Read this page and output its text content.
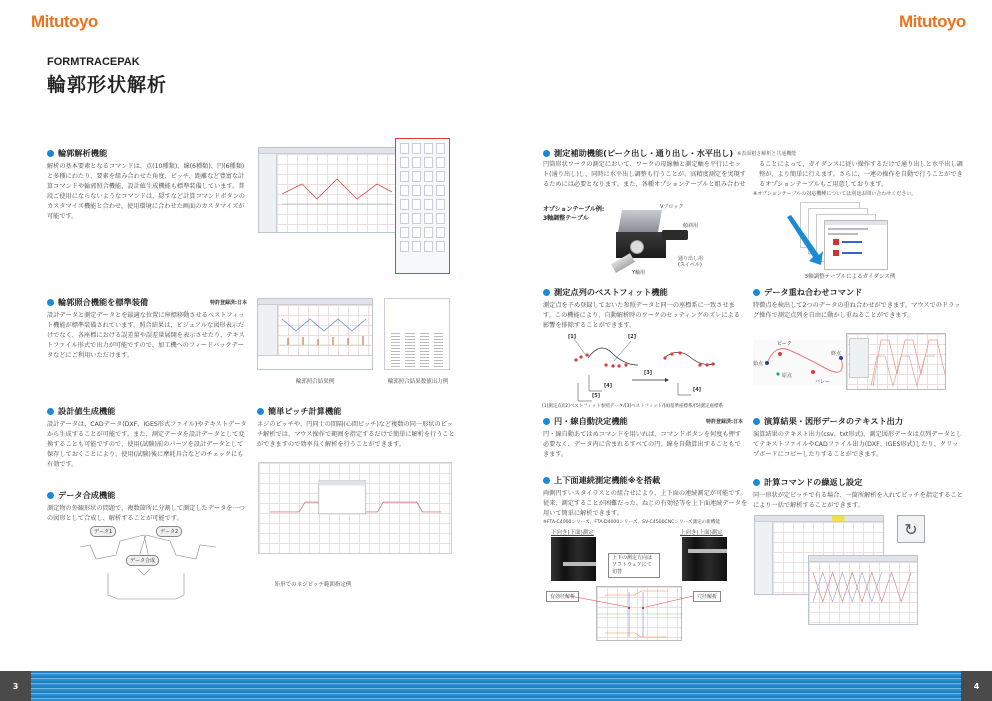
Mitutoyo	Mitutoyo
FORMTRACEPAK
輪郭形状解析
輪郭解析機能
解析の基本要素となるコマンドは、点(10種類)、線(6種類)、円(6種類)と多種にわたり、要素を組み合わせた角度、ピッチ、距離など豊富な計算コマンドや輪郭照合機能、設計値生成機能も標準装備しています。普段ご使用にならないようなコマンドは、隠すなど計算コマンドボタンのカスタマイズ機能と合わせ、使用環境に合わせた画面のカスタマイズが可能です。
輪郭照合機能を標準装備	特許登録済:日本
設計データと測定データとを最適な位置に座標移動させるベストフィット機能が標準装備されています。照合結果は、ビジュアルな図形表示だけでなく、各座標における誤差量や誤差量展開を表示させたり、テキストファイル形式で出力が可能ですので、加工機へのフィードバックデータなどにご利用いただけます。
輪郭照合結果例	輪郭照合結果数値出力例
設計値生成機能
設計データは、CADデータ(DXF、IGES形式ファイル)やテキストデータから生成することが可能です。また、測定データを設計データとして変換することも可能ですので、使用(試験)前のパーツを設計データとして保存しておくことにより、使用(試験)後に摩耗具合などのチェックにも有効です。
簡単ピッチ計算機能
ネジのピッチや、円同士の間隔(心間ピッチ)など複数の同一形状のピッチ解析では、マウス操作で範囲を指定するだけで簡単に解析を行うことができますので効率良く解析を行うことができます。
矩形でのネジピッチ範囲指定例
データ合成機能
測定物の外観形状の問題で、複数箇所に分割して測定したデータを一つの図形として合成し、解析することが可能です。
データ1	データ2
データ合成
測定補助機能(ピーク出し・通り出し・水平出し) ※表面粗さ解析と共通機能
円筒形状ワークの測定において、ワークの母線軸と測定軸を平行にセット(通り出し)し、同時に水平出し調整も行うことが、高精度測定を実現するためには必要となります。また、各種オプションテーブルと組み合わせることによって、ガイダンスに従い操作するだけで通り出しと水平出し調整が、より簡単に行えます。さらに、一連の操作を自動で行うことができるオプションテーブルもご用意しております。
※オプションテーブルの対応機種については別途お問い合わせください。
オプションテーブル例:
3軸調整テーブル
Vブロック
傾斜用
通り出し用(スイベル)
Y軸用
3軸調整テーブルによるガイダンス例
測定点列のベストフィット機能
測定点を予め登録しておいた参照データと同一の座標系に一致させます。この機能により、自動解析時のワークのセッティングのズレによる影響を排除することができます。
[1]	[2]
[3]
[4]
[5]
[4]
[1]測定点/[2]ベストフィット参照データ/[3]ベストフィット/[4]基準座標系/[5]測定座標系
データ重ね合わせコマンド
特徴点を検出して2つのデータの重ね合わせができます。マウスでのドラッグ操作で測定点列を自由に動かし重ねることができます。
ピーク
始点
終点
原点
バレー
円・線自動決定機能	特許登録済:日本
円・線自動あてはめコマンドを用いれば、コマンドボタンを何度も押す必要なく、データ内に含まれるすべての円、線を自動算出することもできます。
演算結果・図形データのテキスト出力
演算結果のテキスト出力(csv、txt形式)、測定図形データは点列データとしてテキストファイルやCADファイル出力(DXF、IGES形式)したり、クリップボードにコピーしたりすることができます。
上下面連続測定機能※を搭載
両側円すいスタイラスとの組合せにより、上下面の連続測定が可能です。従来、測定することが困難だった、ねじの有効径等を上下面連続データを用いて簡単に解析できます。
※FTA-C4000シリーズ、FTA-D4000シリーズ、SV-C4500CNCシリーズ測定の新機能
下向き(下面)測定	上向き(上面)測定
上下の測定方向はソフトウェアにて切替
有効径解析	穴径解析
計算コマンドの繰返し設定
同一形状が定ピッチで有る場合、一箇所解析を入れてピッチを指定することにより一括で解析することができます。
↻
3	4
